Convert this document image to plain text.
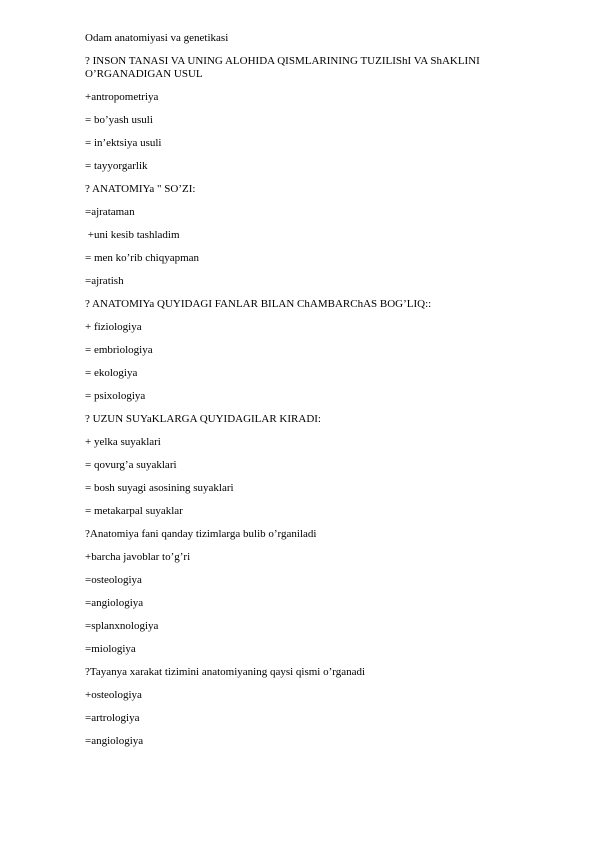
Odam anatomiyasi va genetikasi

? INSON TANASI VA UNING ALOHIDA QISMLARINING TUZILIShI VA ShAKLINI O’RGANADIGAN USUL

+antropometriya

= bo’yash usuli

= in’ektsiya usuli

= tayyorgarlik

? ANATOMIYa " SO’ZI:

=ajrataman

+uni kesib tashladim

= men ko’rib chiqyapman

=ajratish

? ANATOMIYa QUYIDAGI FANLAR BILAN ChAMBARChAS BOG’LIQ::

+ fiziologiya

= embriologiya

= ekologiya

= psixologiya

? UZUN SUYaKLARGA QUYIDAGILAR KIRADI:

+ yelka suyaklari

= qovurg’a suyaklari

= bosh suyagi asosining suyaklari

= metakarpal suyaklar

?Anatomiya fani qanday tizimlarga bulib o’rganiladi

+barcha javoblar to’g’ri

=osteologiya

=angiologiya

=splanxnologiya

=miologiya

?Tayanya xarakat tizimini anatomiyaning qaysi qismi o’rganadi

+osteologiya

=artrologiya

=angiologiya
